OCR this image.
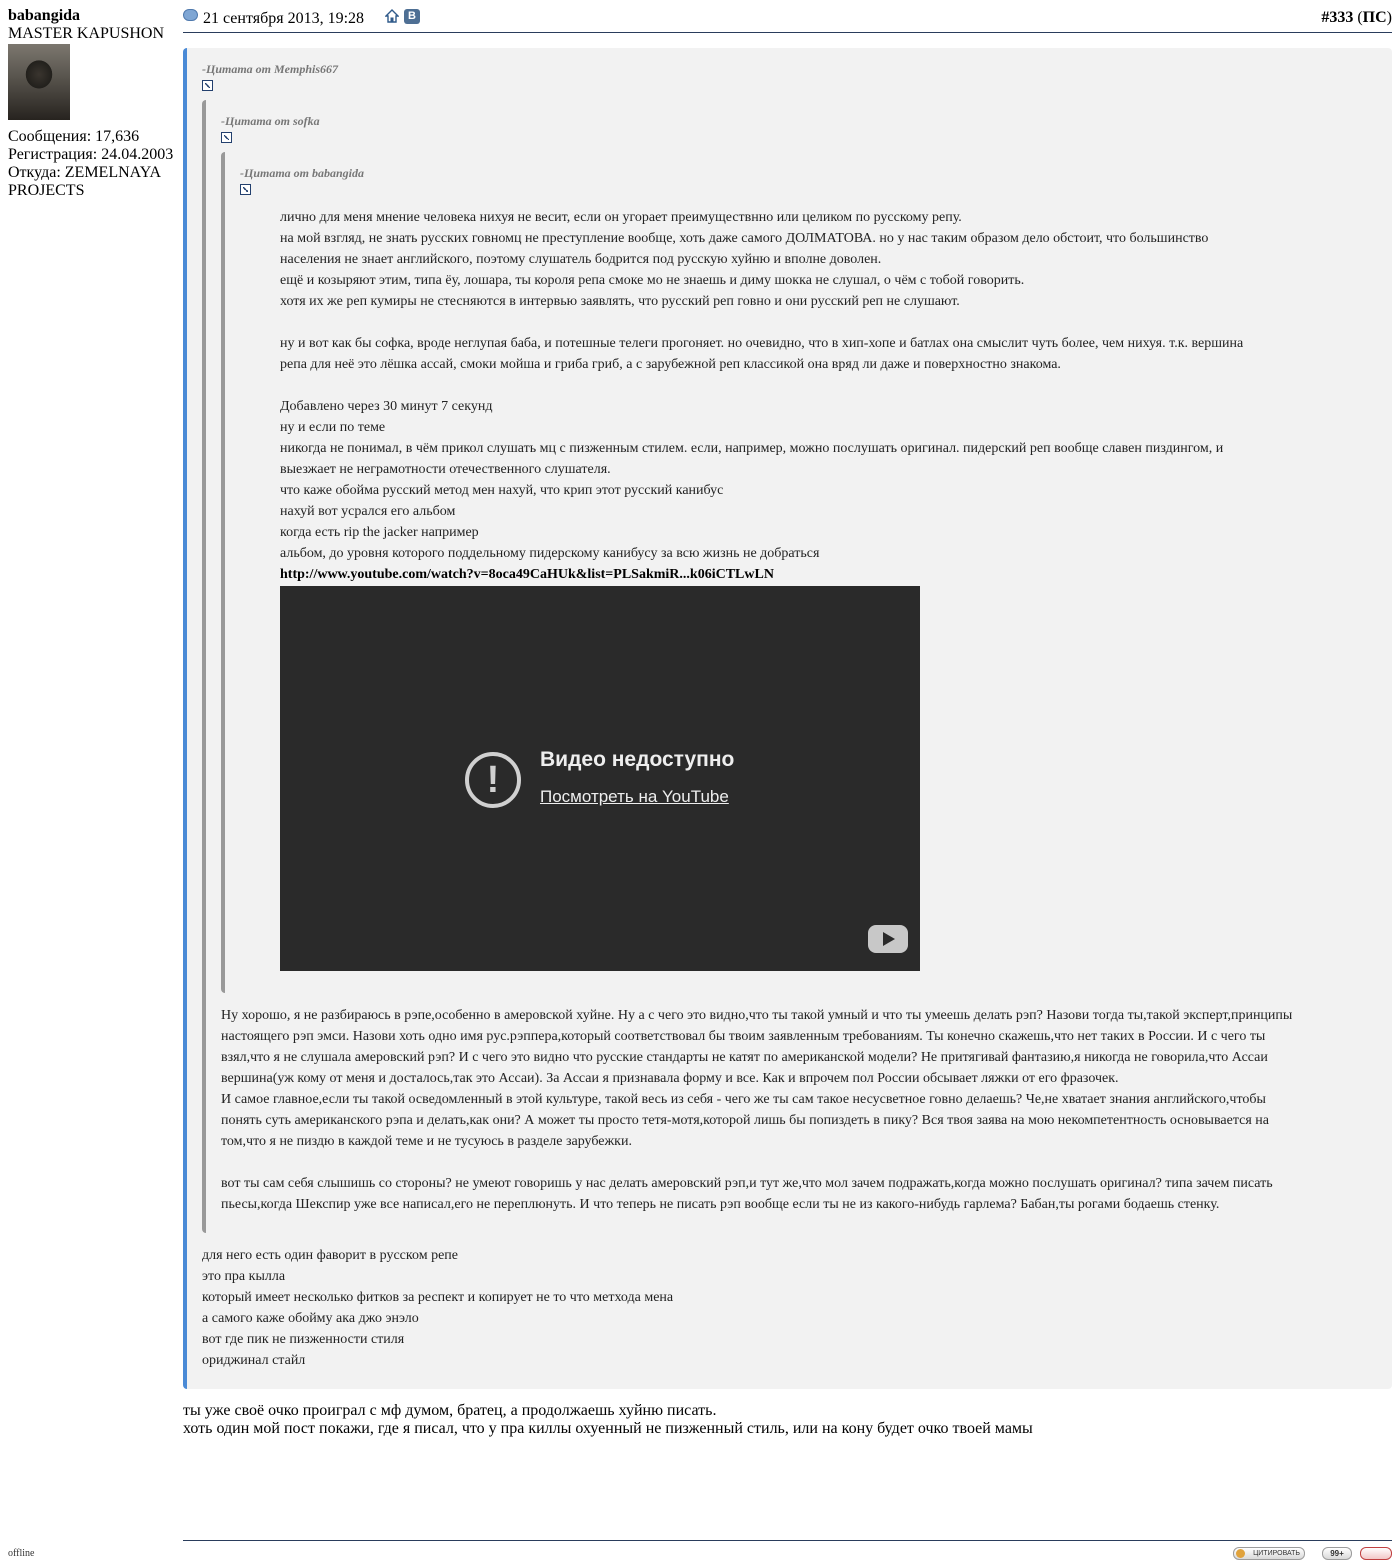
babangida
MASTER KAPUSHON
Сообщения: 17,636
Регистрация: 24.04.2003
Откуда: ZEMELNAYA
PROJECTS
offline
21 сентября 2013, 19:28	В	#333 (ПС)
-Цитата от Memphis667
-Цитата от sofka
-Цитата от babangida
лично для меня мнение человека нихуя не весит, если он угорает преимуществнно или целиком по русскому репу.
на мой взгляд, не знать русских говномц не преступление вообще, хоть даже самого ДОЛМАТОВА. но у нас таким образом дело обстоит, что большинство населения не знает английского, поэтому слушатель бодрится под русскую хуйню и вполне доволен.
ещё и козыряют этим, типа ёу, лошара, ты короля репа смоке мо не знаешь и диму шокка не слушал, о чём с тобой говорить.
хотя их же реп кумиры не стесняются в интервью заявлять, что русский реп говно и они русский реп не слушают.
ну и вот как бы софка, вроде неглупая баба, и потешные телеги прогоняет. но очевидно, что в хип-хопе и батлах она смыслит чуть более, чем нихуя. т.к. вершина репа для неё это лёшка ассай, смоки мойша и гриба гриб, а с зарубежной реп классикой она вряд ли даже и поверхностно знакома.
Добавлено через 30 минут 7 секунд
ну и если по теме
никогда не понимал, в чём прикол слушать мц с пизженным стилем. если, например, можно послушать оригинал. пидерский реп вообще славен пиздингом, и выезжает не неграмотности отечественного слушателя.
что каже обойма русский метод мен нахуй, что крип этот русский канибус
нахуй вот усрался его альбом
когда есть rip the jacker например
альбом, до уровня которого поддельному пидерскому канибусу за всю жизнь не добраться
http://www.youtube.com/watch?v=8oca49CaHUk&list=PLSakmiR...k06iCTLwLN
!	Видео недоступно
Посмотреть на YouTube
Ну хорошо, я не разбираюсь в рэпе,особенно в амеровской хуйне. Ну а с чего это видно,что ты такой умный и что ты умеешь делать рэп? Назови тогда ты,такой эксперт,принципы настоящего рэп эмси. Назови хоть одно имя рус.рэппера,который соответствовал бы твоим заявленным требованиям. Ты конечно скажешь,что нет таких в России. И с чего ты взял,что я не слушала амеровский рэп? И с чего это видно что русские стандарты не катят по американской модели? Не притягивай фантазию,я никогда не говорила,что Ассаи вершина(уж кому от меня и досталось,так это Ассаи). За Ассаи я признавала форму и все. Как и впрочем пол России обсывает ляжки от его фразочек.
И самое главное,если ты такой осведомленный в этой культуре, такой весь из себя - чего же ты сам такое несусветное говно делаешь? Че,не хватает знания английского,чтобы понять суть американского рэпа и делать,как они? А может ты просто тетя-мотя,которой лишь бы попиздеть в пику? Вся твоя заява на мою некомпетентность основывается на том,что я не пиздю в каждой теме и не тусуюсь в разделе зарубежки.
вот ты сам себя слышишь со стороны? не умеют говоришь у нас делать амеровский рэп,и тут же,что мол зачем подражать,когда можно послушать оригинал? типа зачем писать пьесы,когда Шекспир уже все написал,его не переплюнуть. И что теперь не писать рэп вообще если ты не из какого-нибудь гарлема? Бабан,ты рогами бодаешь стенку.
для него есть один фаворит в русском репе
это пра кылла
который имеет несколько фитков за респект и копирует не то что метхода мена
а самого каже обойму ака джо энэло
вот где пик не пизженности стиля
ориджинал стайл
ты уже своё очко проиграл с мф думом, братец, а продолжаешь хуйню писать.
хоть один мой пост покажи, где я писал, что у пра киллы охуенный не пизженный стиль, или на кону будет очко твоей мамы
ЦИТИРОВАТЬ	99+
